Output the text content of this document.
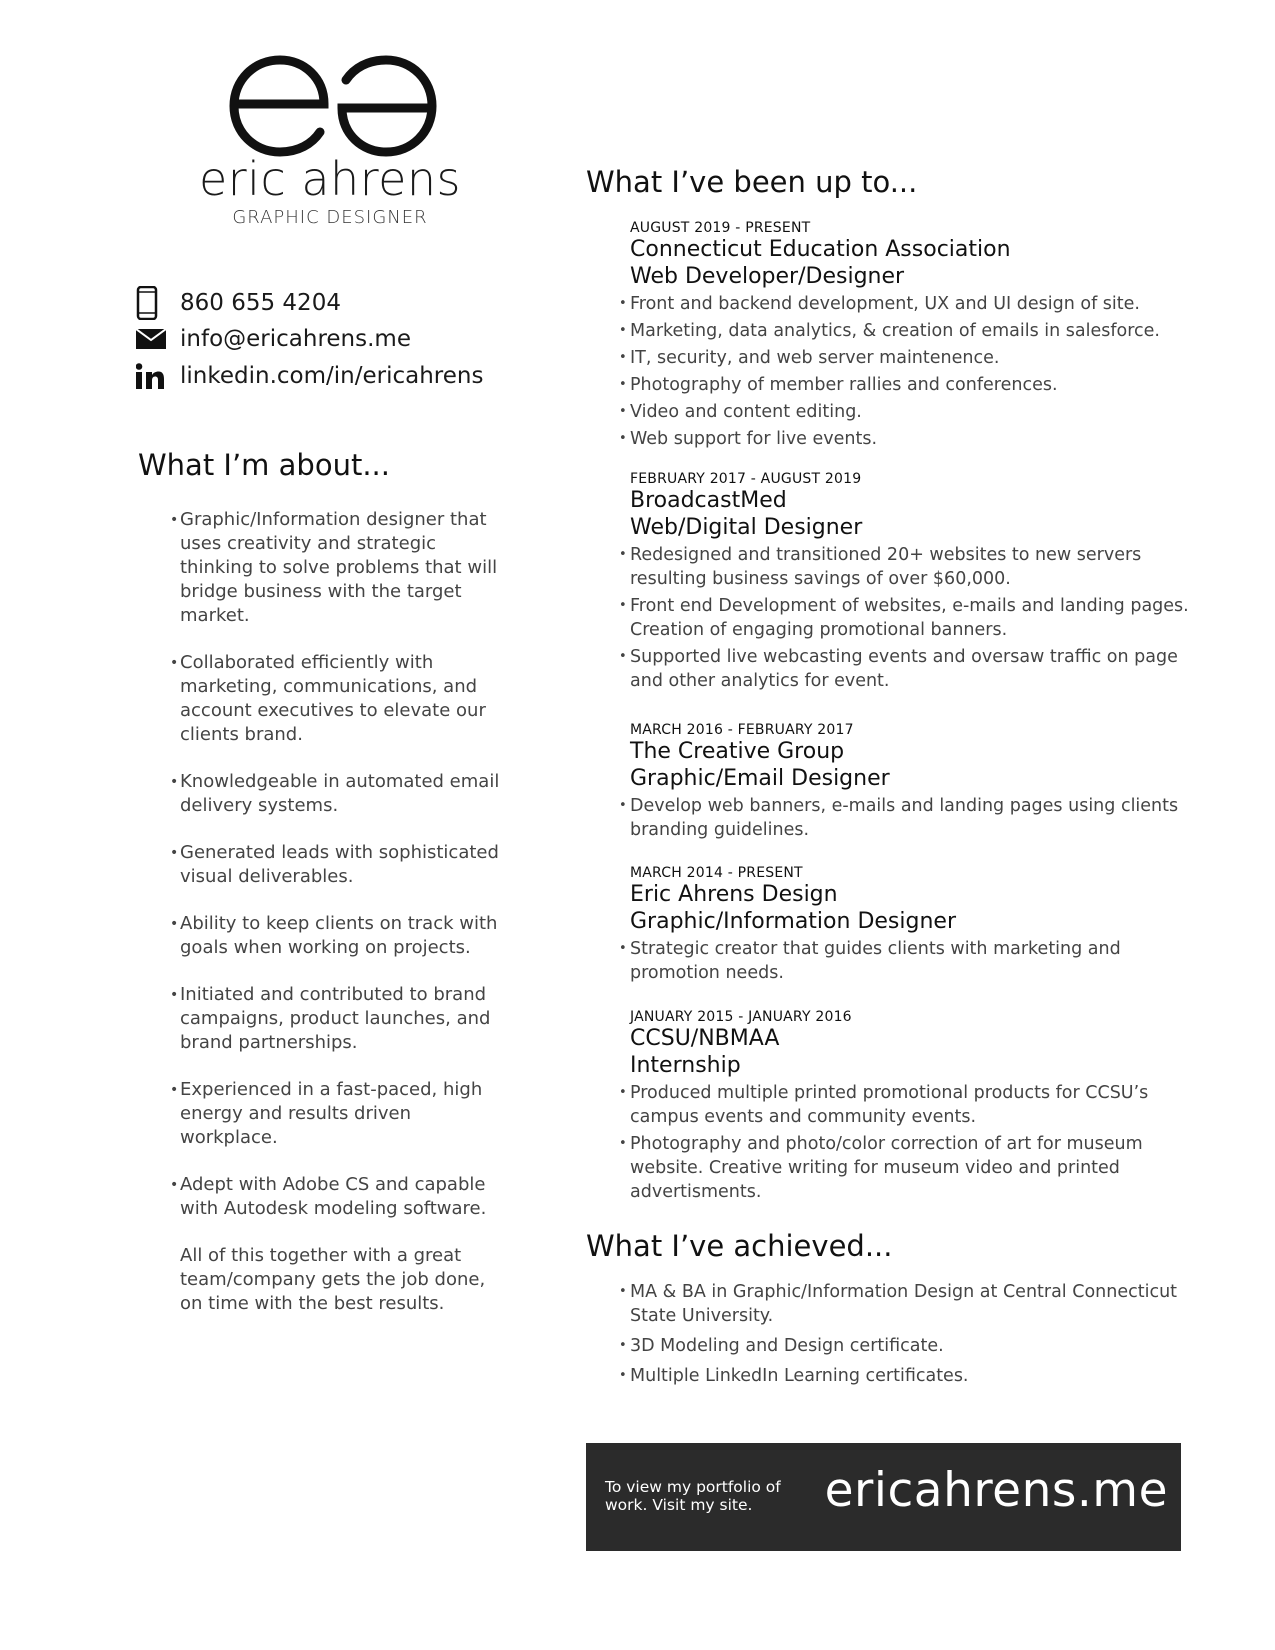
eric ahrens
GRAPHIC DESIGNER
860 655 4204
info@ericahrens.me
linkedin.com/in/ericahrens
What I’m about...
• Graphic/Information designer that uses creativity and strategic thinking to solve problems that will bridge business with the target market.
• Collaborated efficiently with marketing, communications, and account executives to elevate our clients brand.
• Knowledgeable in automated email delivery systems.
• Generated leads with sophisticated visual deliverables.
• Ability to keep clients on track with goals when working on projects.
• Initiated and contributed to brand campaigns, product launches, and brand partnerships.
• Experienced in a fast-paced, high energy and results driven workplace.
• Adept with Adobe CS and capable with Autodesk modeling software.
All of this together with a great team/company gets the job done, on time with the best results.
What I’ve been up to...
AUGUST 2019 - PRESENT
Connecticut Education Association
Web Developer/Designer
• Front and backend development, UX and UI design of site.
• Marketing, data analytics, & creation of emails in salesforce.
• IT, security, and web server maintenence.
• Photography of member rallies and conferences.
• Video and content editing.
• Web support for live events.
FEBRUARY 2017 - AUGUST 2019
BroadcastMed
Web/Digital Designer
• Redesigned and transitioned 20+ websites to new servers resulting business savings of over $60,000.
• Front end Development of websites, e-mails and landing pages. Creation of engaging promotional banners.
• Supported live webcasting events and oversaw traffic on page and other analytics for event.
MARCH 2016 - FEBRUARY 2017
The Creative Group
Graphic/Email Designer
• Develop web banners, e-mails and landing pages using clients branding guidelines.
MARCH 2014 - PRESENT
Eric Ahrens Design
Graphic/Information Designer
• Strategic creator that guides clients with marketing and promotion needs.
JANUARY 2015 - JANUARY 2016
CCSU/NBMAA
Internship
• Produced multiple printed promotional products for CCSU’s campus events and community events.
• Photography and photo/color correction of art for museum website. Creative writing for museum video and printed advertisments.
What I’ve achieved...
• MA & BA in Graphic/Information Design at Central Connecticut State University.
• 3D Modeling and Design certificate.
• Multiple LinkedIn Learning certificates.
To view my portfolio of work. Visit my site.	ericahrens.me
